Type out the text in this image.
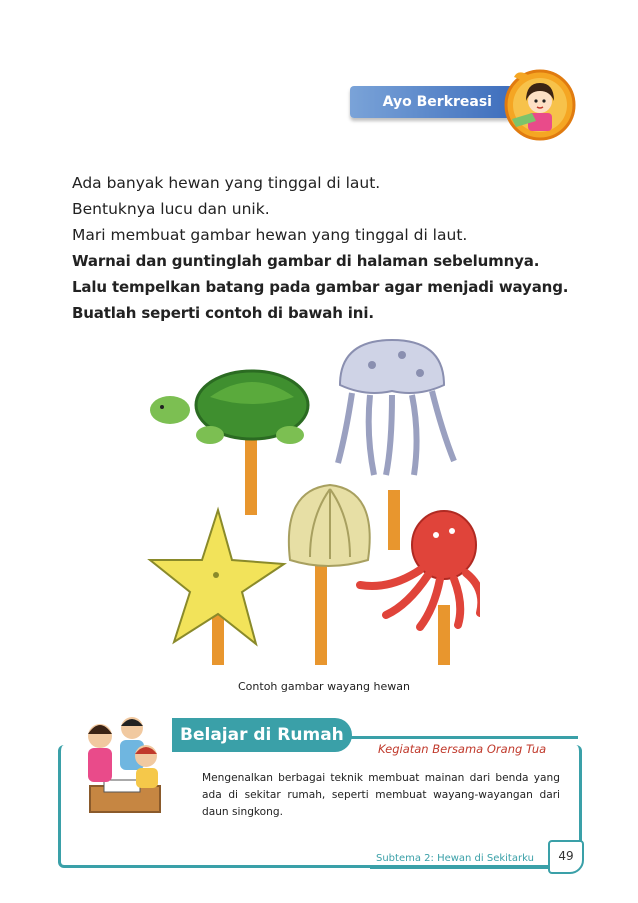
Ayo Berkreasi
Ada banyak hewan yang tinggal di laut.
Bentuknya lucu dan unik.
Mari membuat gambar hewan yang tinggal di laut.
Warnai dan guntinglah gambar di halaman sebelumnya.
Lalu tempelkan batang pada gambar agar menjadi wayang.
Buatlah seperti contoh di bawah ini.
Contoh gambar wayang hewan
Belajar di Rumah
Kegiatan Bersama Orang Tua
Mengenalkan berbagai teknik membuat mainan dari benda yang ada di sekitar rumah, seperti membuat wayang-wayangan dari daun singkong.
Subtema 2: Hewan di Sekitarku	49
